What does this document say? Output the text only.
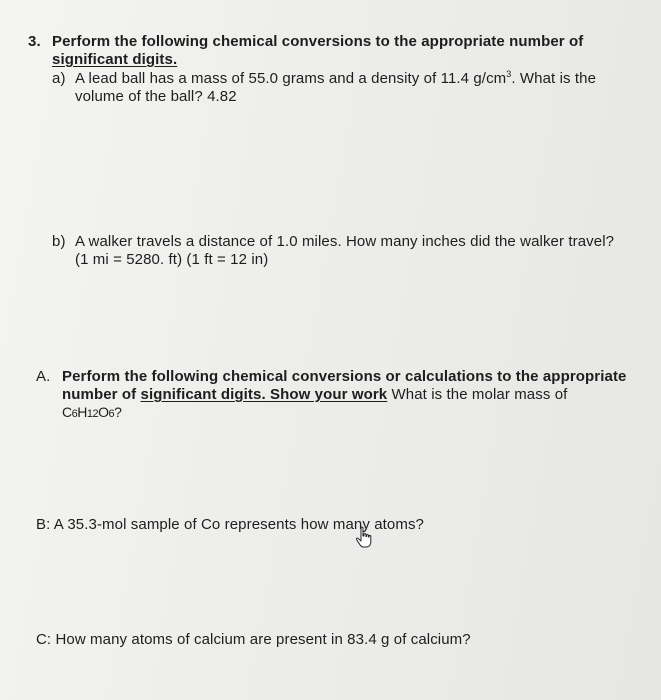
3. Perform the following chemical conversions to the appropriate number of
significant digits.
a) A lead ball has a mass of 55.0 grams and a density of 11.4 $g/cm^3$. What is the
volume of the ball? 4.82
b) A walker travels a distance of 1.0 miles. How many inches did the walker travel?
(1 mi = 5280. ft) (1 ft = 12 in)
A. Perform the following chemical conversions or calculations to the appropriate
number of significant digits. Show your work What is the molar mass of
C6H12O6?
B: A 35.3-mol sample of Co represents how many atoms?
C: How many atoms of calcium are present in 83.4 g of calcium?
